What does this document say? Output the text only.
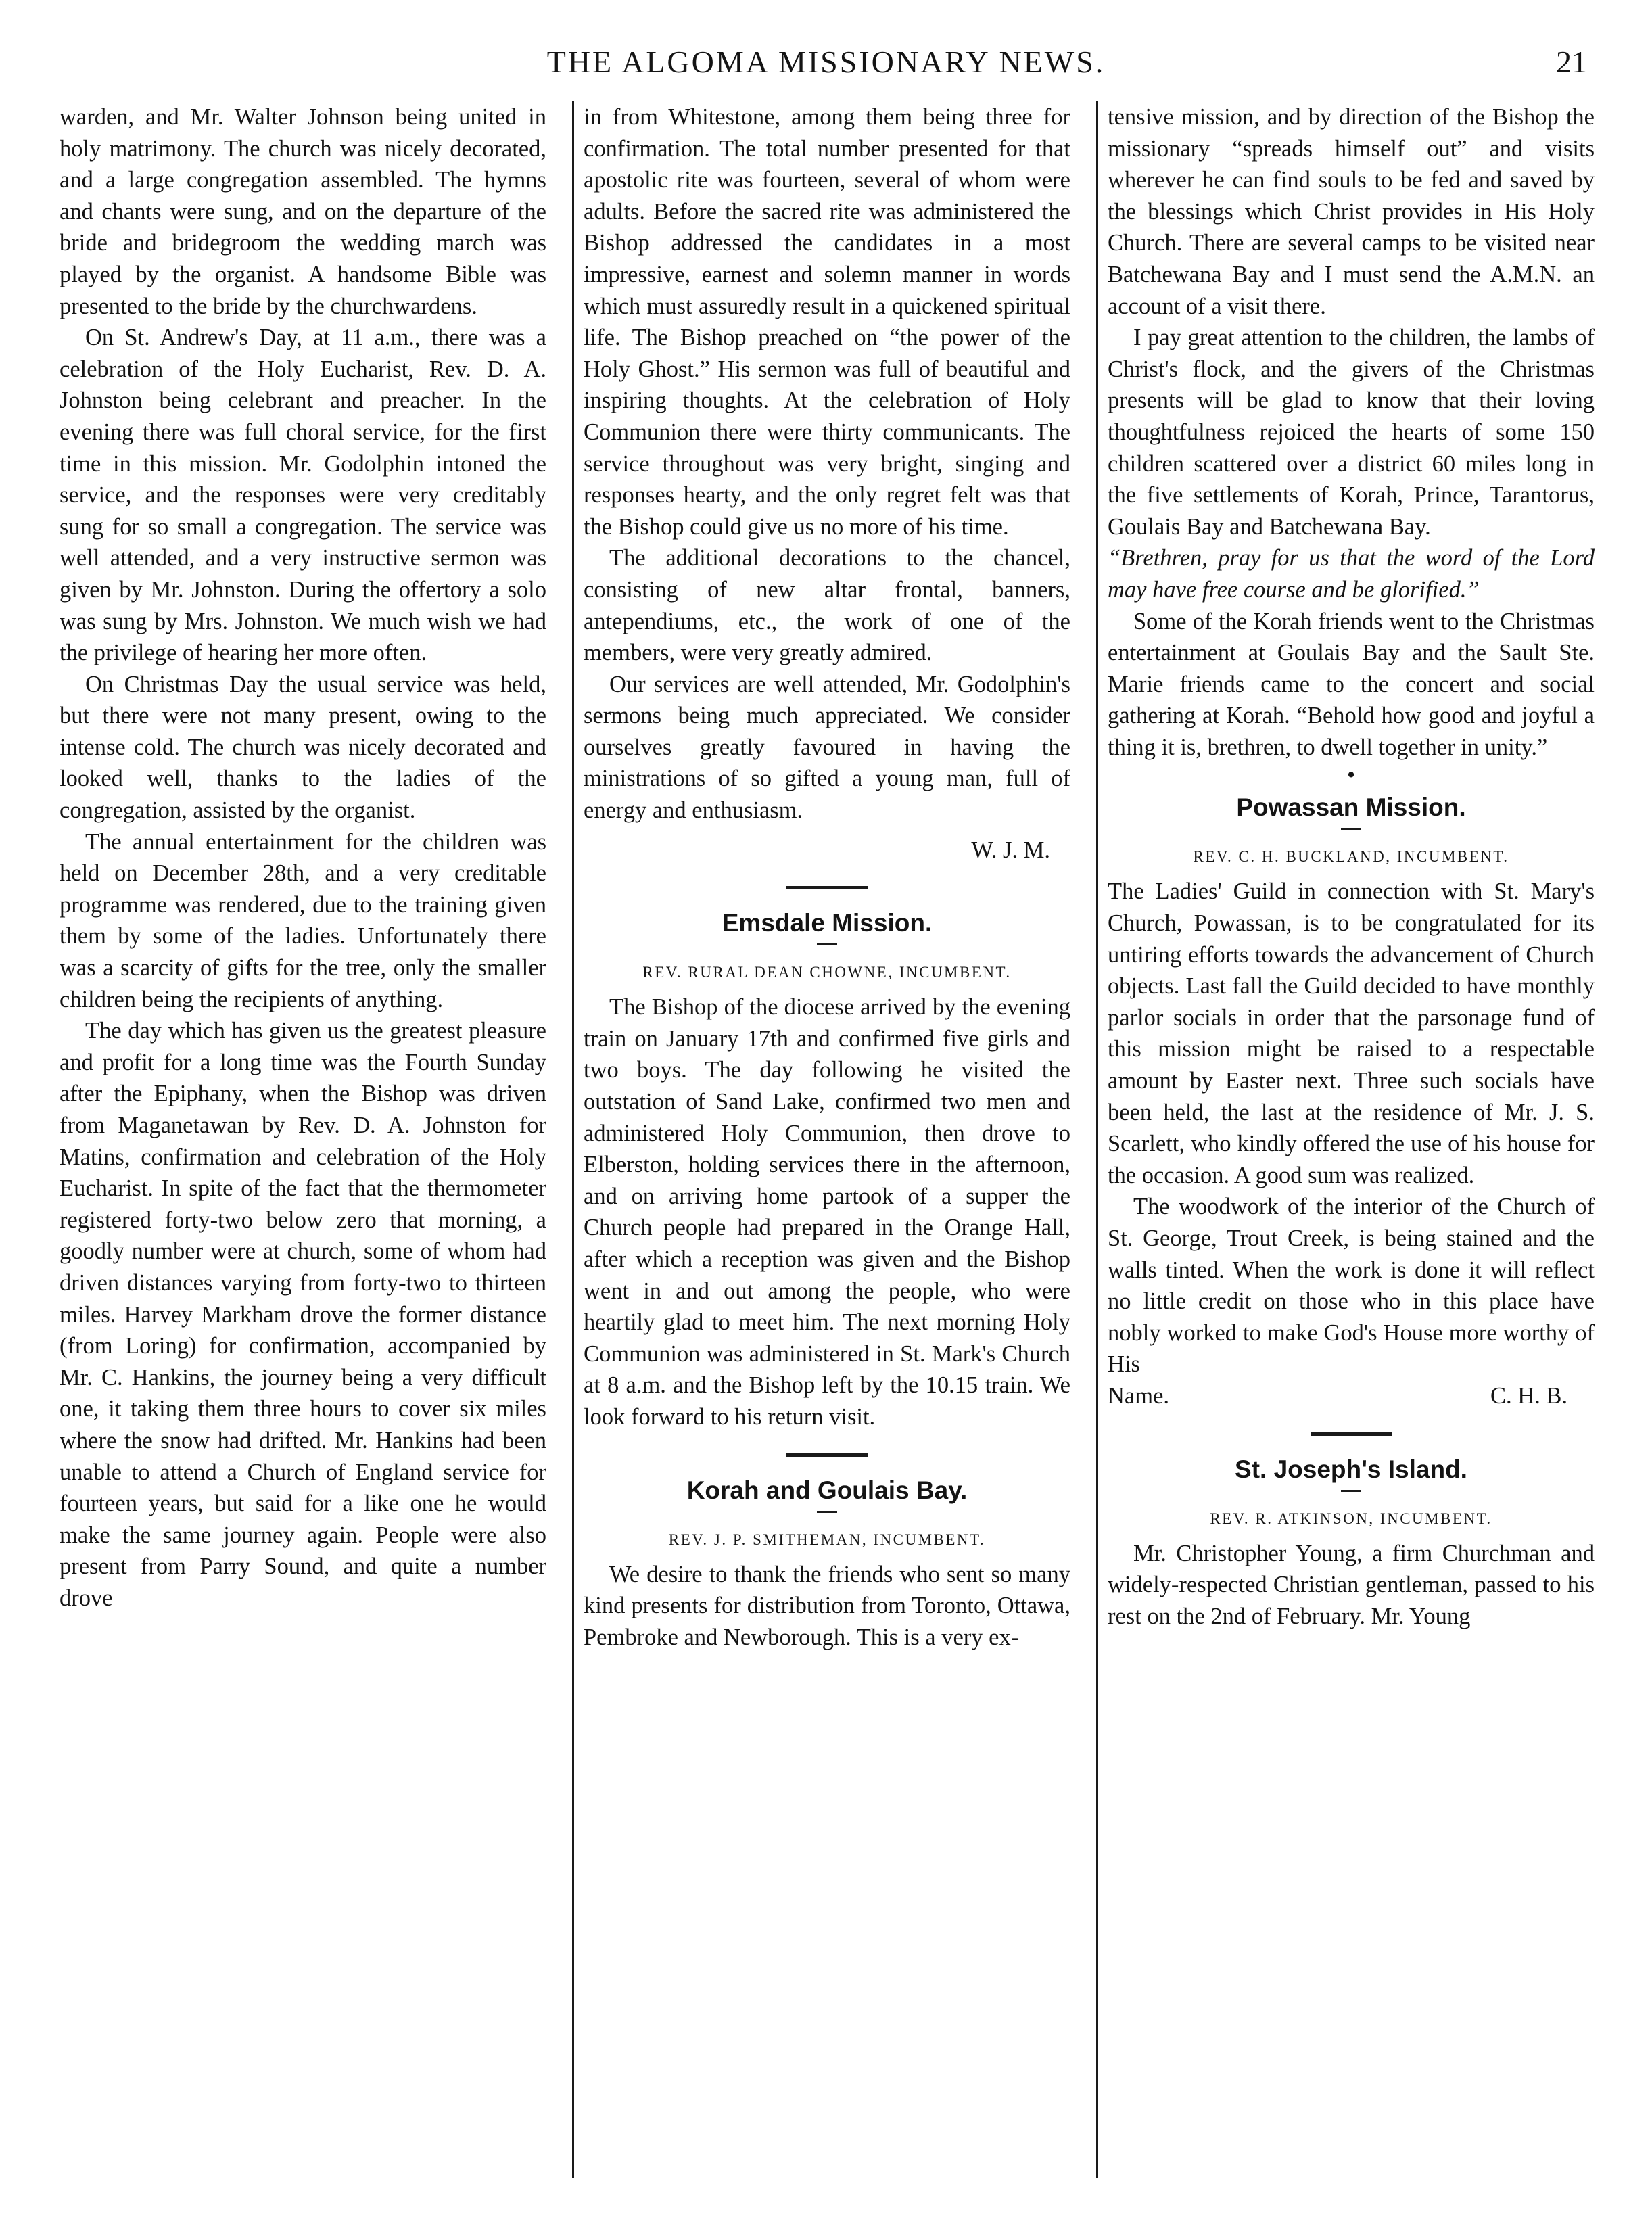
THE ALGOMA MISSIONARY NEWS.	21

warden, and Mr. Walter Johnson being united in holy matrimony. The church was nicely decorated, and a large congregation assembled. The hymns and chants were sung, and on the departure of the bride and bridegroom the wedding march was played by the organist. A handsome Bible was presented to the bride by the churchwardens.

On St. Andrew's Day, at 11 a.m., there was a celebration of the Holy Eucharist, Rev. D. A. Johnston being celebrant and preacher. In the evening there was full choral service, for the first time in this mission. Mr. Godolphin intoned the service, and the responses were very creditably sung for so small a congregation. The service was well attended, and a very instructive sermon was given by Mr. Johnston. During the offertory a solo was sung by Mrs. Johnston. We much wish we had the privilege of hearing her more often.

On Christmas Day the usual service was held, but there were not many present, owing to the intense cold. The church was nicely decorated and looked well, thanks to the ladies of the congregation, assisted by the organist.

The annual entertainment for the children was held on December 28th, and a very creditable programme was rendered, due to the training given them by some of the ladies. Unfortunately there was a scarcity of gifts for the tree, only the smaller children being the recipients of anything.

The day which has given us the greatest pleasure and profit for a long time was the Fourth Sunday after the Epiphany, when the Bishop was driven from Maganetawan by Rev. D. A. Johnston for Matins, confirmation and celebration of the Holy Eucharist. In spite of the fact that the thermometer registered forty-two below zero that morning, a goodly number were at church, some of whom had driven distances varying from forty-two to thirteen miles. Harvey Markham drove the former distance (from Loring) for confirmation, accompanied by Mr. C. Hankins, the journey being a very difficult one, it taking them three hours to cover six miles where the snow had drifted. Mr. Hankins had been unable to attend a Church of England service for fourteen years, but said for a like one he would make the same journey again. People were also present from Parry Sound, and quite a number drove

in from Whitestone, among them being three for confirmation. The total number presented for that apostolic rite was fourteen, several of whom were adults. Before the sacred rite was administered the Bishop addressed the candidates in a most impressive, earnest and solemn manner in words which must assuredly result in a quickened spiritual life. The Bishop preached on “the power of the Holy Ghost.” His sermon was full of beautiful and inspiring thoughts. At the celebration of Holy Communion there were thirty communicants. The service throughout was very bright, singing and responses hearty, and the only regret felt was that the Bishop could give us no more of his time.

The additional decorations to the chancel, consisting of new altar frontal, banners, antependiums, etc., the work of one of the members, were very greatly admired.

Our services are well attended, Mr. Godolphin's sermons being much appreciated. We consider ourselves greatly favoured in having the ministrations of so gifted a young man, full of energy and enthusiasm.

W. J. M.
Emsdale Mission.
REV. RURAL DEAN CHOWNE, INCUMBENT.

The Bishop of the diocese arrived by the evening train on January 17th and confirmed five girls and two boys. The day following he visited the outstation of Sand Lake, confirmed two men and administered Holy Communion, then drove to Elberston, holding services there in the afternoon, and on arriving home partook of a supper the Church people had prepared in the Orange Hall, after which a reception was given and the Bishop went in and out among the people, who were heartily glad to meet him. The next morning Holy Communion was administered in St. Mark's Church at 8 a.m. and the Bishop left by the 10.15 train. We look forward to his return visit.

Korah and Goulais Bay.
REV. J. P. SMITHEMAN, INCUMBENT.

We desire to thank the friends who sent so many kind presents for distribution from Toronto, Ottawa, Pembroke and Newborough. This is a very ex-

tensive mission, and by direction of the Bishop the missionary “spreads himself out” and visits wherever he can find souls to be fed and saved by the blessings which Christ provides in His Holy Church. There are several camps to be visited near Batchewana Bay and I must send the A.M.N. an account of a visit there.

I pay great attention to the children, the lambs of Christ's flock, and the givers of the Christmas presents will be glad to know that their loving thoughtfulness rejoiced the hearts of some 150 children scattered over a district 60 miles long in the five settlements of Korah, Prince, Tarantorus, Goulais Bay and Batchewana Bay.

“Brethren, pray for us that the word of the Lord may have free course and be glorified.”

Some of the Korah friends went to the Christmas entertainment at Goulais Bay and the Sault Ste. Marie friends came to the concert and social gathering at Korah. “Behold how good and joyful a thing it is, brethren, to dwell together in unity.”

•
Powassan Mission.
REV. C. H. BUCKLAND, INCUMBENT.

The Ladies' Guild in connection with St. Mary's Church, Powassan, is to be congratulated for its untiring efforts towards the advancement of Church objects. Last fall the Guild decided to have monthly parlor socials in order that the parsonage fund of this mission might be raised to a respectable amount by Easter next. Three such socials have been held, the last at the residence of Mr. J. S. Scarlett, who kindly offered the use of his house for the occasion. A good sum was realized.

The woodwork of the interior of the Church of St. George, Trout Creek, is being stained and the walls tinted. When the work is done it will reflect no little credit on those who in this place have nobly worked to make God's House more worthy of His

Name.	C. H. B.
St. Joseph's Island.
REV. R. ATKINSON, INCUMBENT.

Mr. Christopher Young, a firm Churchman and widely-respected Christian gentleman, passed to his rest on the 2nd of February. Mr. Young
